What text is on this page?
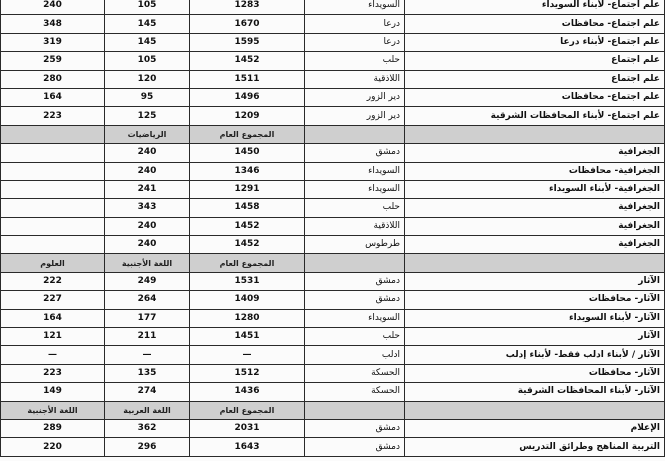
240	105	1283	السويداء	علم اجتماع- لأبناء السويداء
348	145	1670	درعا	علم اجتماع- محافظات
319	145	1595	درعا	علم اجتماع- لأبناء درعا
259	105	1452	حلب	علم اجتماع
280	120	1511	اللاذقية	علم اجتماع
164	95	1496	دير الزور	علم اجتماع- محافظات
223	125	1209	دير الزور	علم اجتماع- لأبناء المحافظات الشرقية
	الرياضيات	المجموع العام		
	240	1450	دمشق	الجغرافية
	240	1346	السويداء	الجغرافية- محافظات
	241	1291	السويداء	الجغرافية- لأبناء السويداء
	343	1458	حلب	الجغرافية
	240	1452	اللاذقية	الجغرافية
	240	1452	طرطوس	الجغرافية
العلوم	اللغة الأجنبية	المجموع العام		
222	249	1531	دمشق	الآثار
227	264	1409	دمشق	الآثار- محافظات
164	177	1280	السويداء	الآثار- لأبناء السويداء
121	211	1451	حلب	الآثار
—	—	—	ادلب	الآثار / لأبناء ادلب فقط- لأبناء إدلب
223	135	1512	الحسكة	الآثار- محافظات
149	274	1436	الحسكة	الآثار- لأبناء المحافظات الشرقية
اللغة الأجنبية	اللغة العربية	المجموع العام		
289	362	2031	دمشق	الإعلام
220	296	1643	دمشق	التربية المناهج وطرائق التدريس
